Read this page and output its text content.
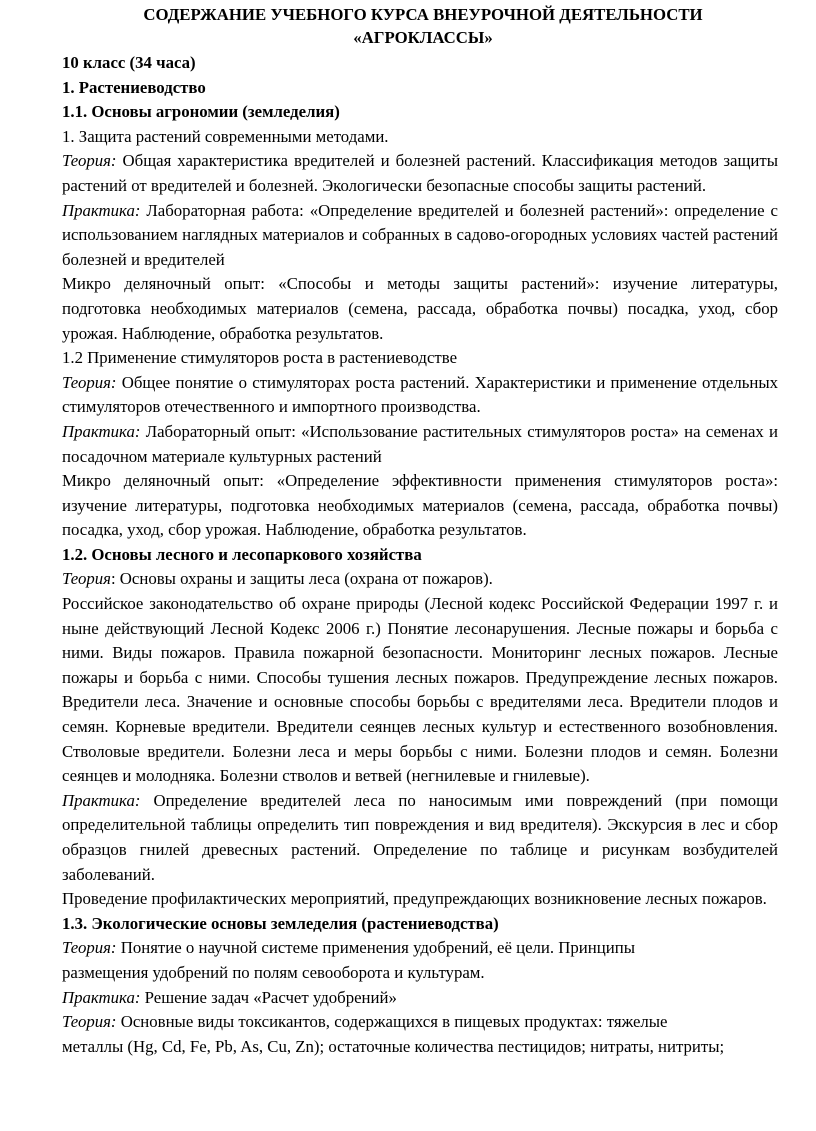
СОДЕРЖАНИЕ УЧЕБНОГО КУРСА ВНЕУРОЧНОЙ ДЕЯТЕЛЬНОСТИ

«АГРОКЛАССЫ»

10 класс (34 часа)

1. Растениеводство

1.1. Основы агрономии (земледелия)

1. Защита растений современными методами.

Теория: Общая характеристика вредителей и болезней растений. Классификация методов защиты растений от вредителей и болезней. Экологически безопасные способы защиты растений.

Практика: Лабораторная работа: «Определение вредителей и болезней растений»: определение с использованием наглядных материалов и собранных в садово-огородных условиях частей растений болезней и вредителей

Микро деляночный опыт: «Способы и методы защиты растений»: изучение литературы, подготовка необходимых материалов (семена, рассада, обработка почвы) посадка, уход, сбор урожая. Наблюдение, обработка результатов.

1.2 Применение стимуляторов роста в растениеводстве

Теория: Общее понятие о стимуляторах роста растений. Характеристики и применение отдельных стимуляторов отечественного и импортного производства.

Практика: Лабораторный опыт: «Использование растительных стимуляторов роста» на семенах и посадочном материале культурных растений

Микро деляночный опыт: «Определение эффективности применения стимуляторов роста»: изучение литературы, подготовка необходимых материалов (семена, рассада, обработка почвы) посадка, уход, сбор урожая. Наблюдение, обработка результатов.

1.2. Основы лесного и лесопаркового хозяйства

Теория: Основы охраны и защиты леса (охрана от пожаров).

Российское законодательство об охране природы (Лесной кодекс Российской Федерации 1997 г. и ныне действующий Лесной Кодекс 2006 г.) Понятие лесонарушения. Лесные пожары и борьба с ними. Виды пожаров. Правила пожарной безопасности. Мониторинг лесных пожаров. Лесные пожары и борьба с ними. Способы тушения лесных пожаров. Предупреждение лесных пожаров. Вредители леса. Значение и основные способы борьбы с вредителями леса. Вредители плодов и семян. Корневые вредители. Вредители сеянцев лесных культур и естественного возобновления. Стволовые вредители. Болезни леса и меры борьбы с ними. Болезни плодов и семян. Болезни сеянцев и молодняка. Болезни стволов и ветвей (негнилевые и гнилевые).

Практика: Определение вредителей леса по наносимым ими повреждений (при помощи определительной таблицы определить тип повреждения и вид вредителя). Экскурсия в лес и сбор образцов гнилей древесных растений. Определение по таблице и рисункам возбудителей заболеваний.

Проведение профилактических мероприятий, предупреждающих возникновение лесных пожаров.

1.3. Экологические основы земледелия (растениеводства)

Теория: Понятие о научной системе применения удобрений, её цели. Принципы
размещения удобрений по полям севооборота и культурам.

Практика: Решение задач «Расчет удобрений»

Теория: Основные виды токсикантов, содержащихся в пищевых продуктах: тяжелые
металлы (Hg, Cd, Fe, Pb, As, Cu, Zn); остаточные количества пестицидов; нитраты, нитриты;
